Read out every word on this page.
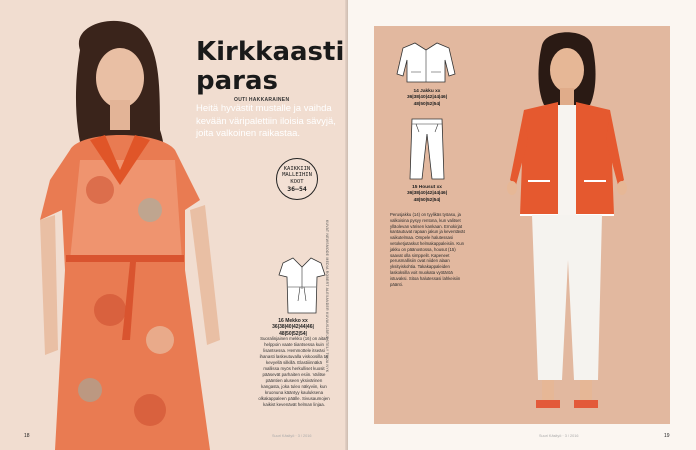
Kirkkaasti paras
OUTI HAKKARAINEN
Heitä hyvästit mustalle ja vaihda kevään väripalettiin iloisia sävyjä, joita valkoinen raikastaa.
KAIKKIIN
MALLEIHIN
KOOT
36–54
16 Mekko xx
36|38|40|42|44|46|
48|50|52|54|
Suoralinjainen mekko (16) on aitan helppoin vaate tiiantsessa kuin lisantsessa. Hemmottele itseäsi ihanasti laskeutuvalla viskoosilla tai kevyellä silkillä. Elastiiinnäkä mallissa myös herkulliset kuosit pääsevät parhaiten esiin. Valitse pääntien aluseen yksivärinen kangasta, joka tuleo näkyviin, kun kruonuna kääntyy kauluksena olkakappaleen päälle. Sivusaumojen kaikist kevenävät helman linjaa.
KUVAT NEWSMODE MEDIA ROBERT ALEXANDER KUVAUSJÄRJESTELY TUIJA NYK
18	Suuri Käsityö · 3 / 2016
14 Jakku xx
36|38|40|42|44|46|
48|50|52|54|
15 Housut xx
36|38|40|42|44|46|
48|50|52|54|
Perusjakku (14) on tyylikäs työasu, ja valkoisina pysyy rentona, kun valitset ylläolevan värisen kankaan. Ernokirjat kantautuvat rapaan jakun ja keventävät vaikutelmaa. Ompele halutessasi vetoketjutaskut helmakappaleisiin. Kun jakku on päänostossa, housut (15) saavat olla simppelit. Kapeneet perusmallisiin ovat niiden alaan yksityiskohtia. Takakappaleiden laskoksilla voit muokata vyötäröä istuvaksi. Sitoa halutessasi lahkeisiin päänti.
19
Suuri Käsityö · 3 / 2016
